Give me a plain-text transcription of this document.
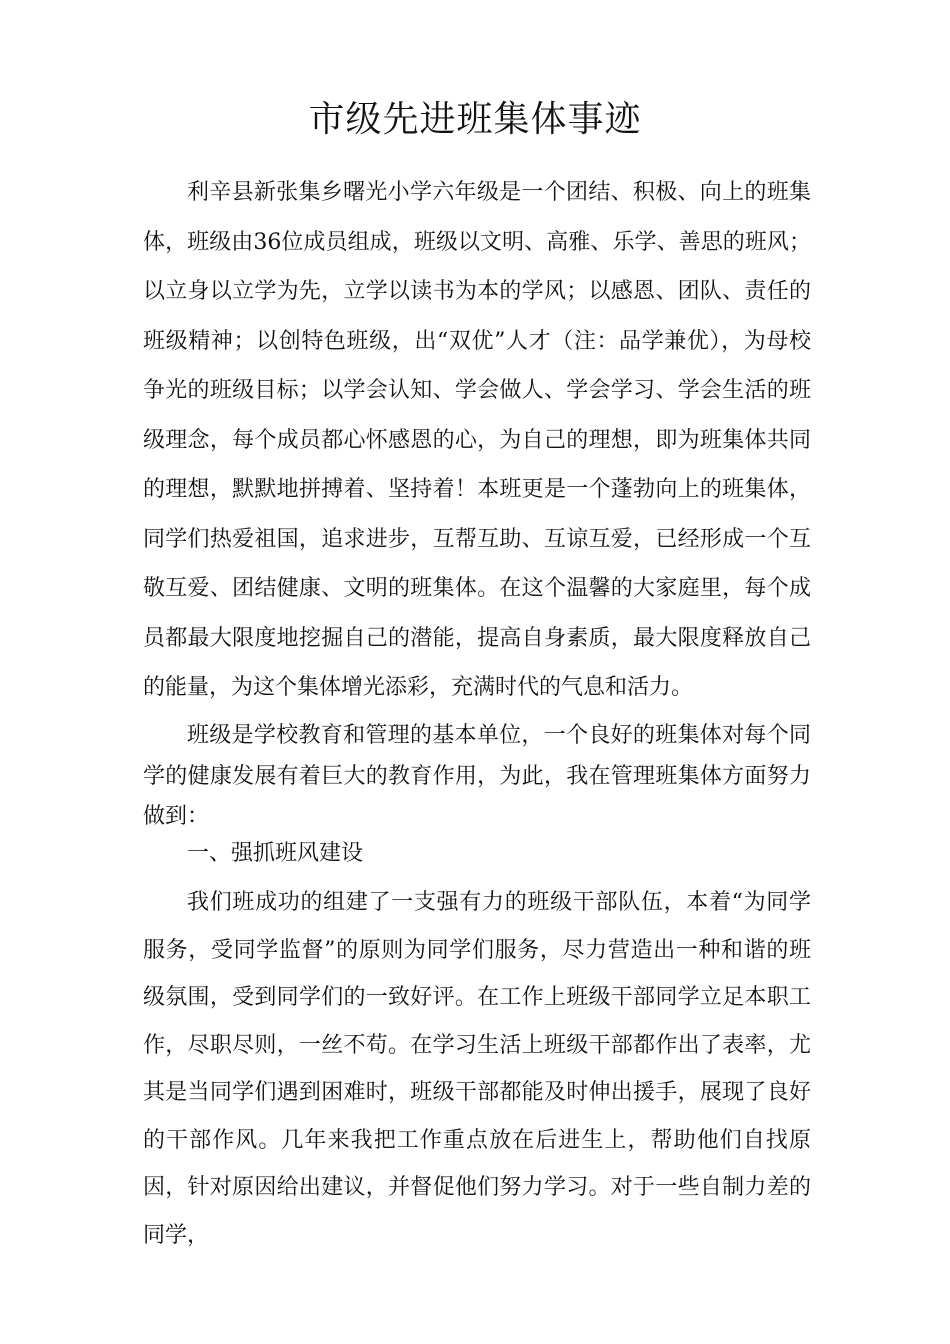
市级先进班集体事迹

利辛县新张集乡曙光小学六年级是一个团结、积极、向上的班集体，班级由36位成员组成，班级以文明、高雅、乐学、善思的班风；以立身以立学为先，立学以读书为本的学风；以感恩、团队、责任的班级精神；以创特色班级，出“双优”人才（注：品学兼优），为母校争光的班级目标；以学会认知、学会做人、学会学习、学会生活的班级理念，每个成员都心怀感恩的心，为自己的理想，即为班集体共同的理想，默默地拼搏着、坚持着！本班更是一个蓬勃向上的班集体，同学们热爱祖国，追求进步，互帮互助、互谅互爱，已经形成一个互敬互爱、团结健康、文明的班集体。在这个温馨的大家庭里，每个成员都最大限度地挖掘自己的潜能，提高自身素质，最大限度释放自己的能量，为这个集体增光添彩，充满时代的气息和活力。

班级是学校教育和管理的基本单位，一个良好的班集体对每个同学的健康发展有着巨大的教育作用，为此，我在管理班集体方面努力做到：

一、强抓班风建设

我们班成功的组建了一支强有力的班级干部队伍，本着“为同学服务，受同学监督”的原则为同学们服务，尽力营造出一种和谐的班级氛围，受到同学们的一致好评。在工作上班级干部同学立足本职工作，尽职尽则，一丝不苟。在学习生活上班级干部都作出了表率，尤其是当同学们遇到困难时，班级干部都能及时伸出援手，展现了良好的干部作风。几年来我把工作重点放在后进生上，帮助他们自找原因，针对原因给出建议，并督促他们努力学习。对于一些自制力差的同学，
